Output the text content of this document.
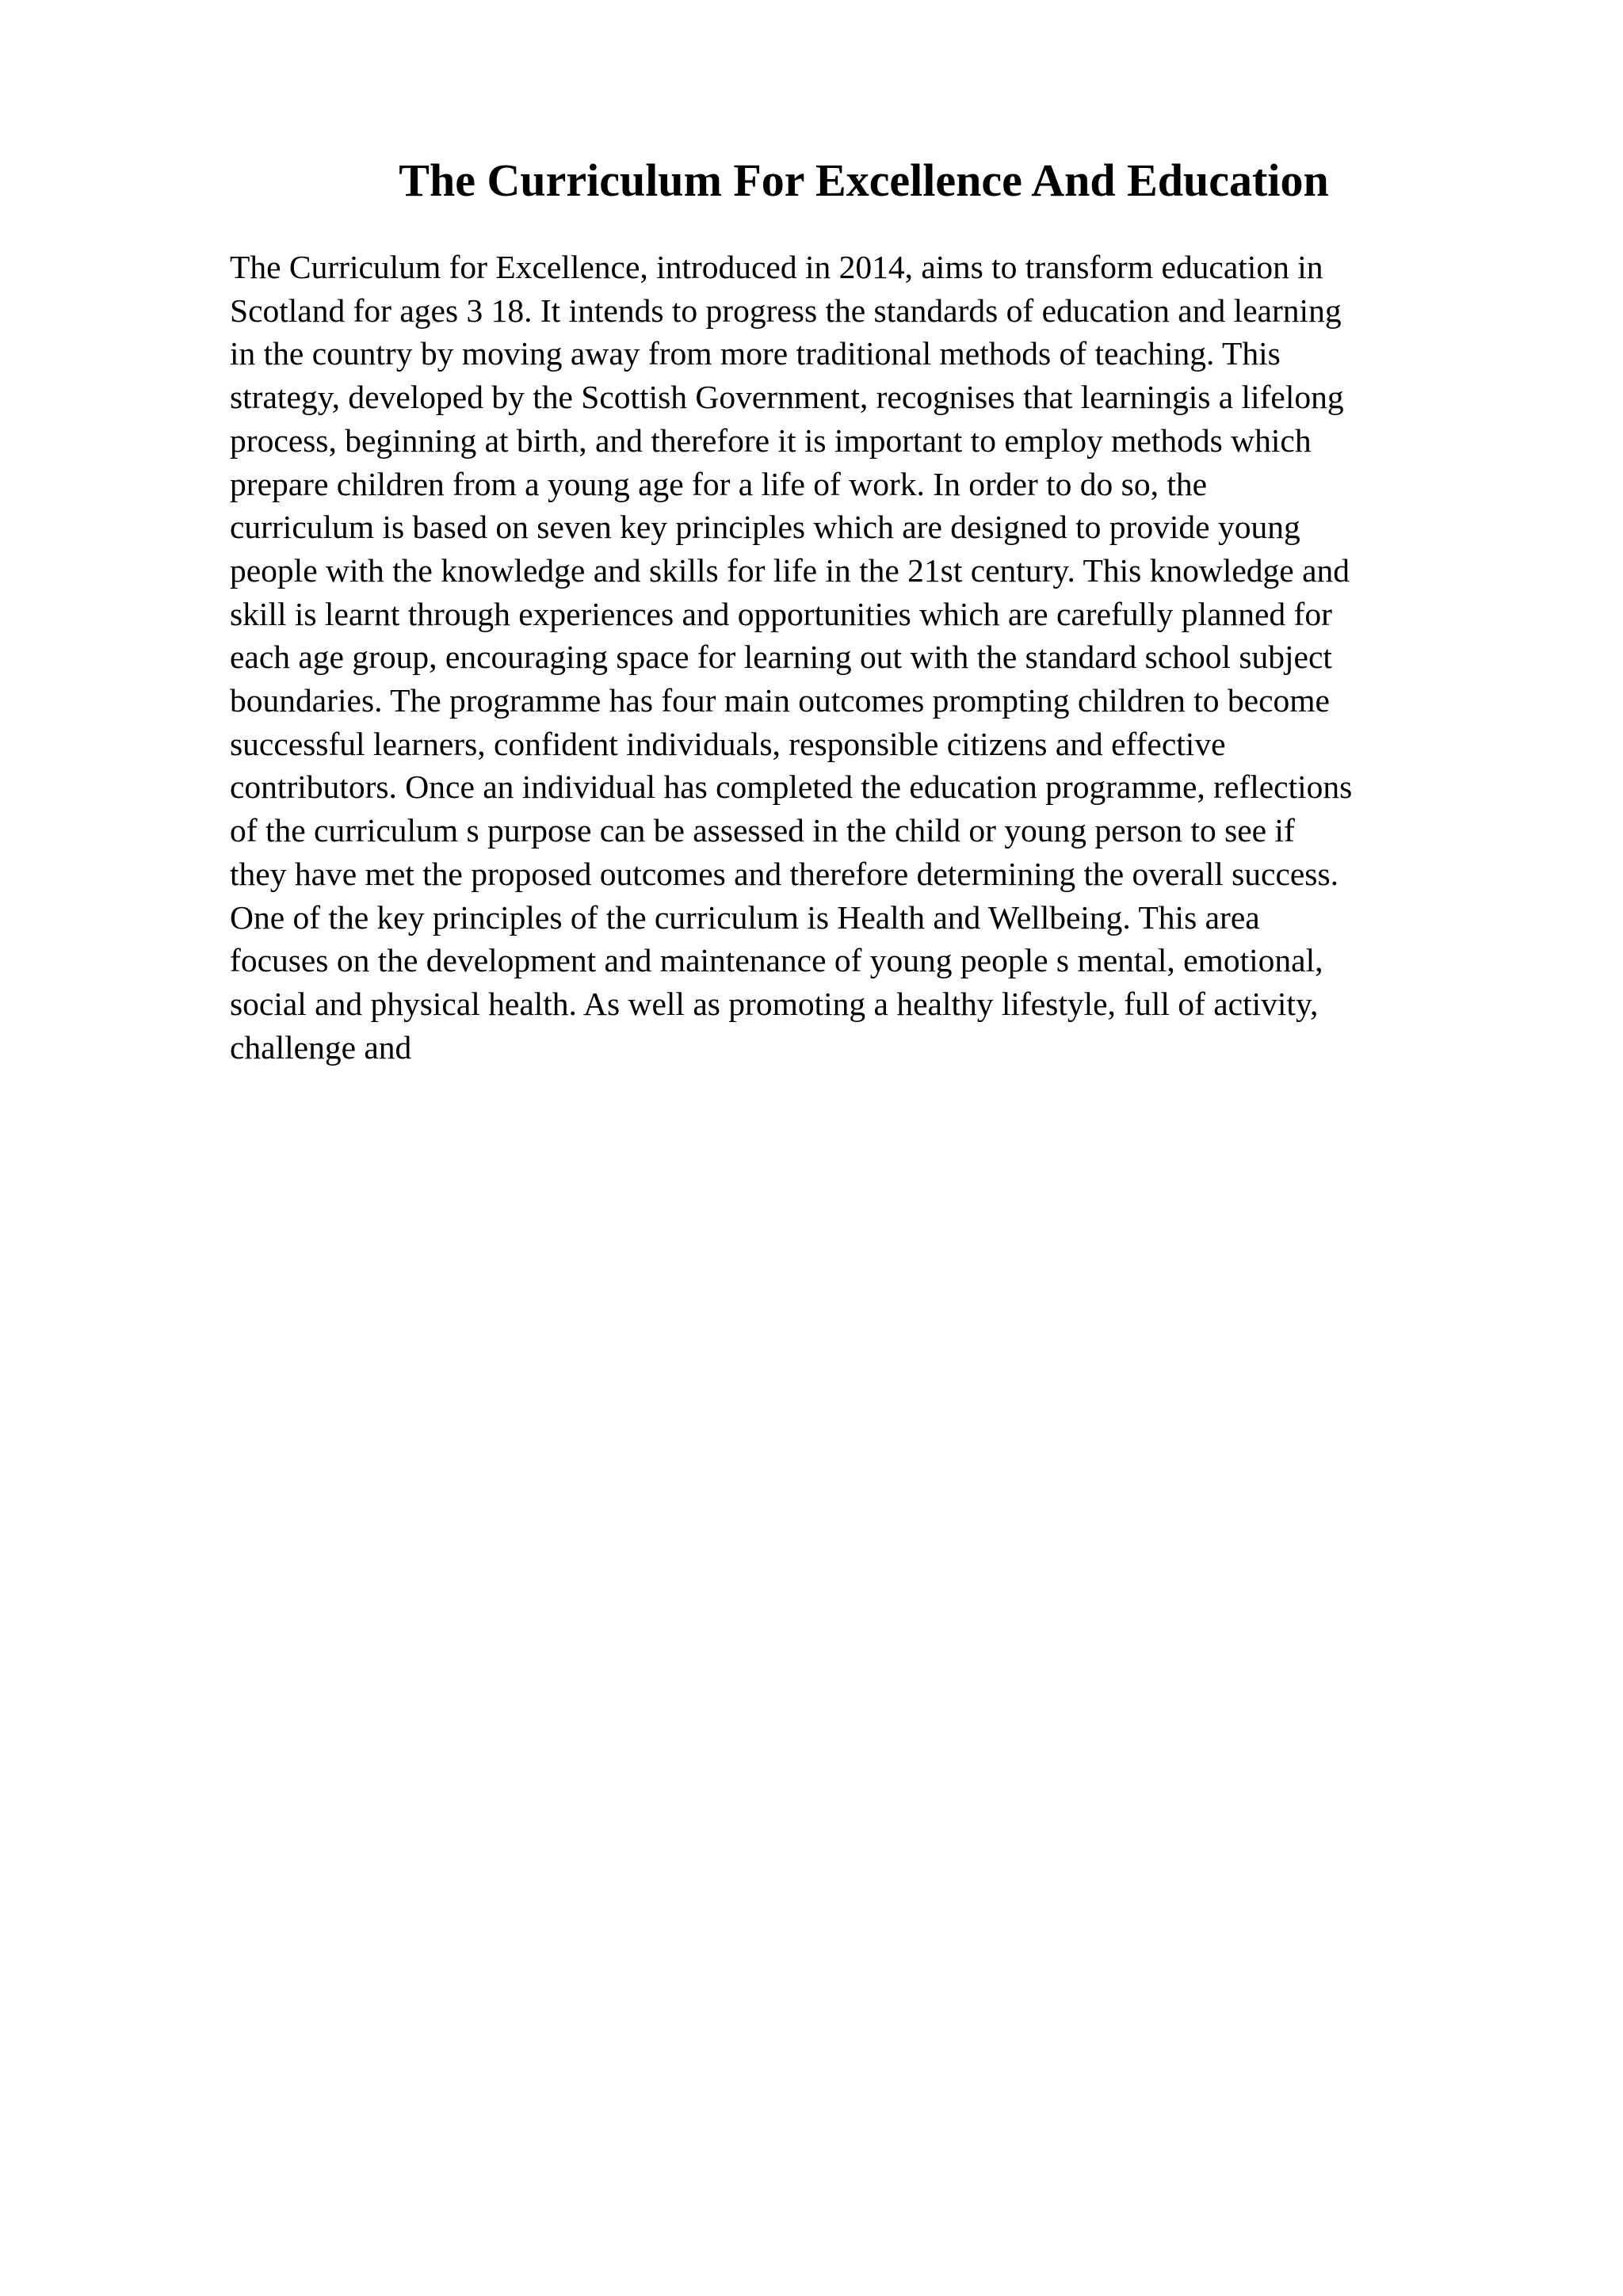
The Curriculum For Excellence And Education
The Curriculum for Excellence, introduced in 2014, aims to transform education in
Scotland for ages 3 18. It intends to progress the standards of education and learning
in the country by moving away from more traditional methods of teaching. This
strategy, developed by the Scottish Government, recognises that learningis a lifelong
process, beginning at birth, and therefore it is important to employ methods which
prepare children from a young age for a life of work. In order to do so, the
curriculum is based on seven key principles which are designed to provide young
people with the knowledge and skills for life in the 21st century. This knowledge and
skill is learnt through experiences and opportunities which are carefully planned for
each age group, encouraging space for learning out with the standard school subject
boundaries. The programme has four main outcomes prompting children to become
successful learners, confident individuals, responsible citizens and effective
contributors. Once an individual has completed the education programme, reflections
of the curriculum s purpose can be assessed in the child or young person to see if
they have met the proposed outcomes and therefore determining the overall success.
One of the key principles of the curriculum is Health and Wellbeing. This area
focuses on the development and maintenance of young people s mental, emotional,
social and physical health. As well as promoting a healthy lifestyle, full of activity,
challenge and
